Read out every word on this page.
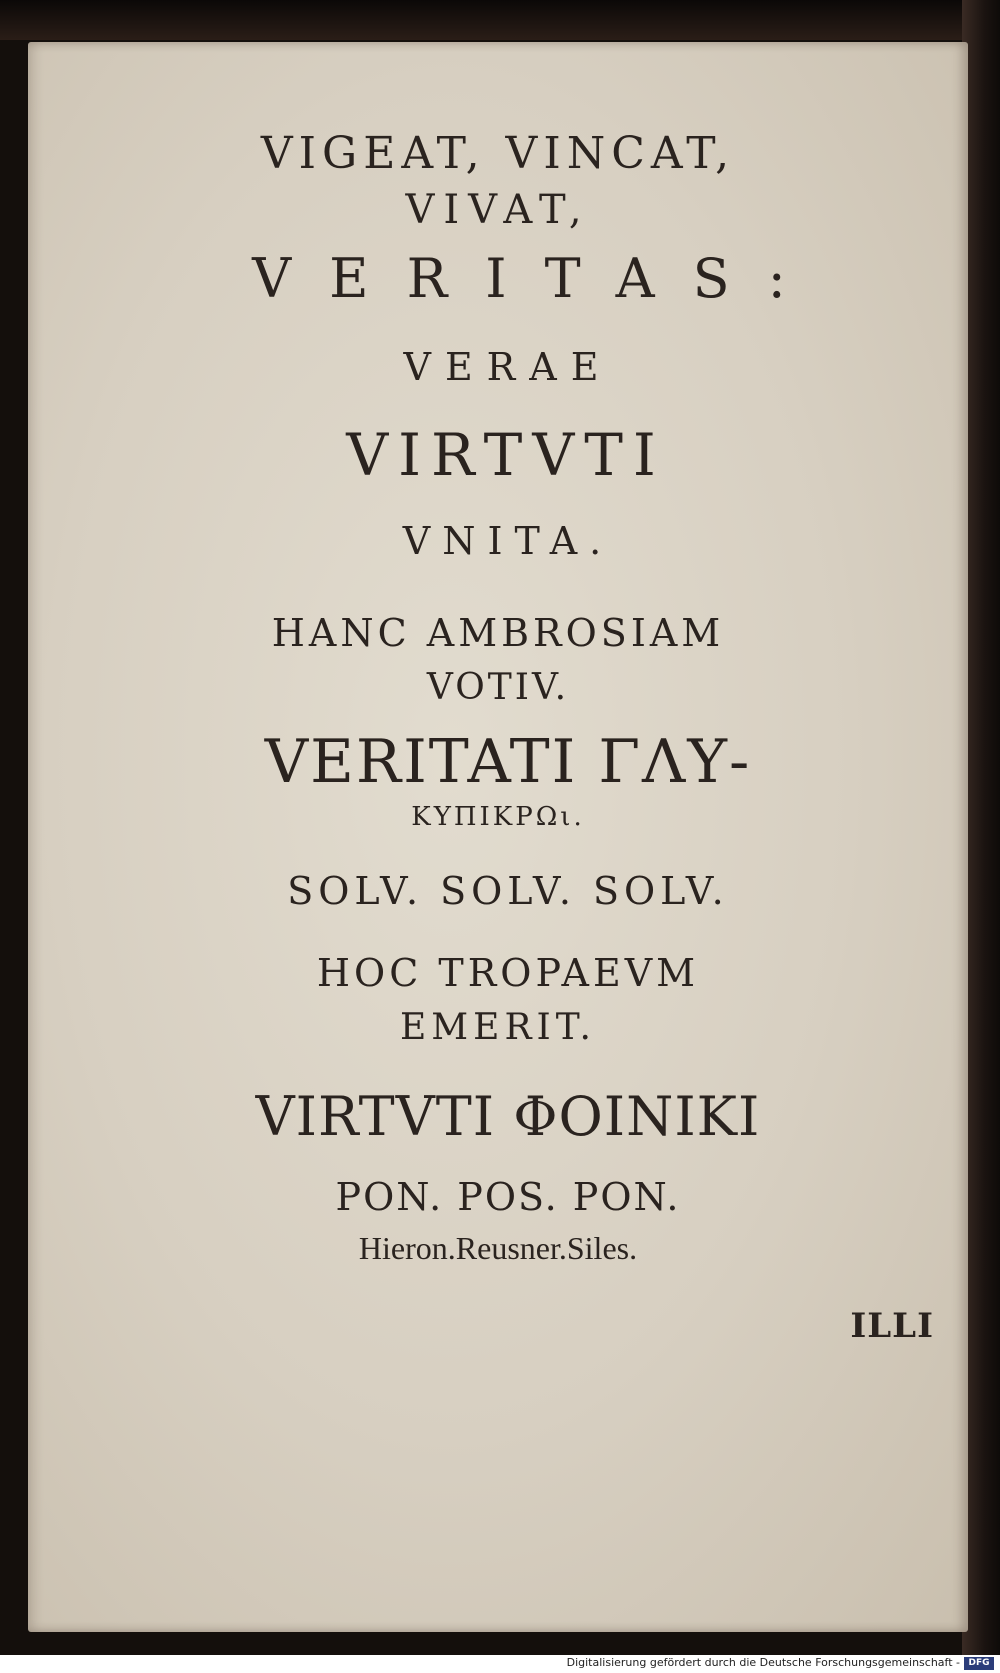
VIGEAT, VINCAT,
VIVAT,
VERITAS:
VERAE
VIRTVTI
VNITA.
HANC AMBROSIAM
VOTIV.
VERITATI ΓΛΥ-
ΚΥΠΙΚΡΩι.
SOLV. SOLV. SOLV.
HOC TROPAEVM
EMERIT.
VIRTVTI ΦΟΙΝΙΚΙ
PON. POS. PON.
Hieron.Reusner.Siles.
ILLI
Digitalisierung gefördert durch die Deutsche Forschungsgemeinschaft - DFG
